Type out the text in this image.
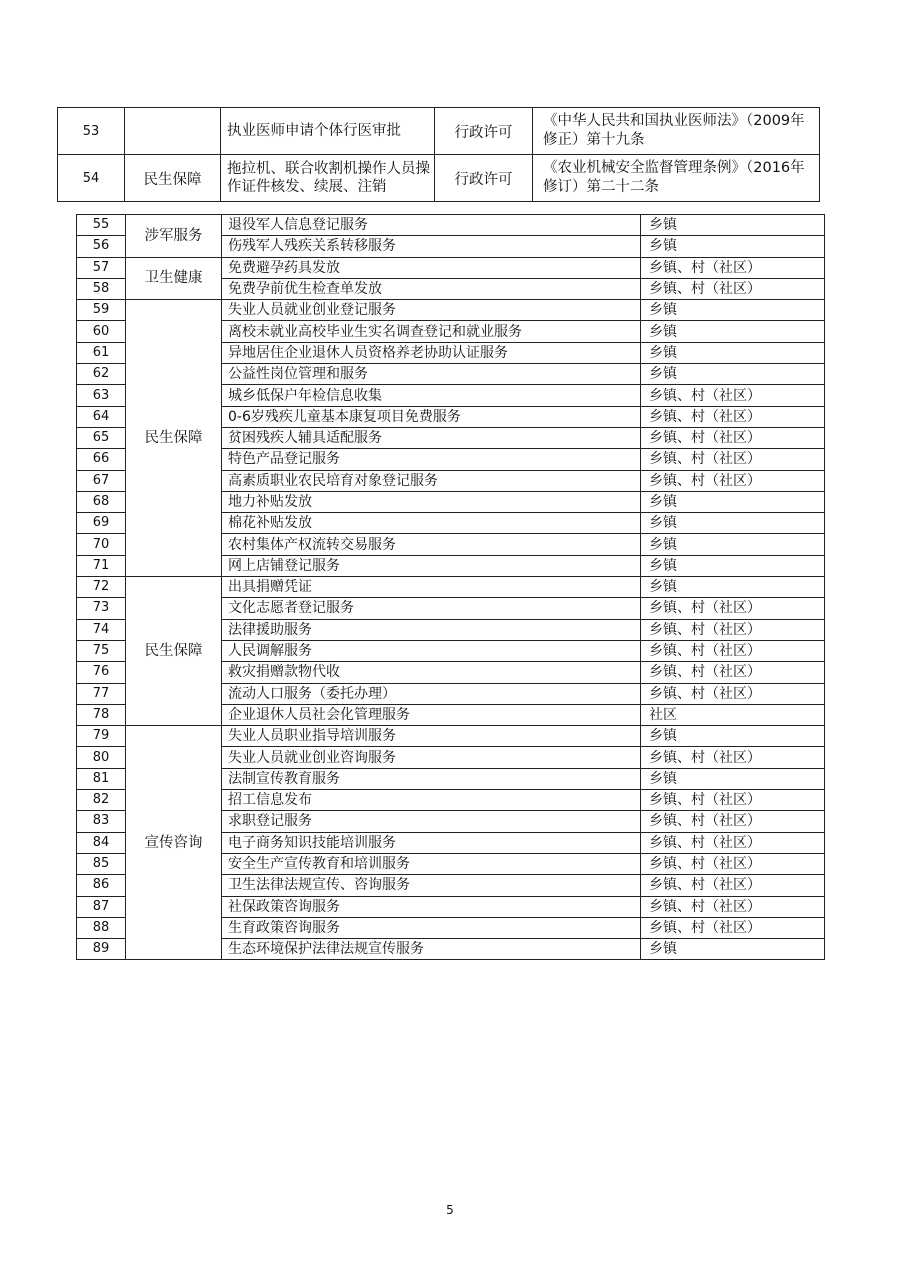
53		执业医师申请个体行医审批	行政许可	《中华人民共和国执业医师法》（2009年修正）第十九条
54	民生保障	拖拉机、联合收割机操作人员操作证件核发、续展、注销	行政许可	《农业机械安全监督管理条例》（2016年修订）第二十二条
55	涉军服务	退役军人信息登记服务	乡镇
56		伤残军人残疾关系转移服务	乡镇
57	卫生健康	免费避孕药具发放	乡镇、村（社区）
58		免费孕前优生检查单发放	乡镇、村（社区）
59	民生保障	失业人员就业创业登记服务	乡镇
60		离校未就业高校毕业生实名调查登记和就业服务	乡镇
61		异地居住企业退休人员资格养老协助认证服务	乡镇
62		公益性岗位管理和服务	乡镇
63		城乡低保户年检信息收集	乡镇、村（社区）
64		0-6岁残疾儿童基本康复项目免费服务	乡镇、村（社区）
65		贫困残疾人辅具适配服务	乡镇、村（社区）
66		特色产品登记服务	乡镇、村（社区）
67		高素质职业农民培育对象登记服务	乡镇、村（社区）
68		地力补贴发放	乡镇
69		棉花补贴发放	乡镇
70		农村集体产权流转交易服务	乡镇
71		网上店铺登记服务	乡镇
72	民生保障	出具捐赠凭证	乡镇
73		文化志愿者登记服务	乡镇、村（社区）
74		法律援助服务	乡镇、村（社区）
75		人民调解服务	乡镇、村（社区）
76		救灾捐赠款物代收	乡镇、村（社区）
77		流动人口服务（委托办理）	乡镇、村（社区）
78		企业退休人员社会化管理服务	社区
79	宣传咨询	失业人员职业指导培训服务	乡镇
80		失业人员就业创业咨询服务	乡镇、村（社区）
81		法制宣传教育服务	乡镇
82		招工信息发布	乡镇、村（社区）
83		求职登记服务	乡镇、村（社区）
84		电子商务知识技能培训服务	乡镇、村（社区）
85		安全生产宣传教育和培训服务	乡镇、村（社区）
86		卫生法律法规宣传、咨询服务	乡镇、村（社区）
87		社保政策咨询服务	乡镇、村（社区）
88		生育政策咨询服务	乡镇、村（社区）
89		生态环境保护法律法规宣传服务	乡镇
5
